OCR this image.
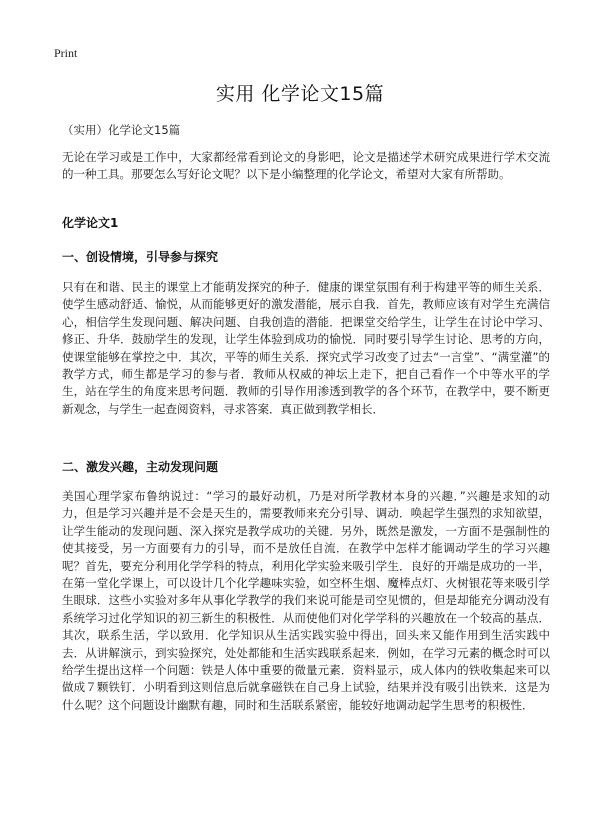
Print
实用 化学论文15篇
（实用）化学论文15篇

无论在学习或是工作中，大家都经常看到论文的身影吧，论文是描述学术研究成果进行学术交流的一种工具。那要怎么写好论文呢？以下是小编整理的化学论文，希望对大家有所帮助。

化学论文1
一、创设情境，引导参与探究

只有在和谐、民主的课堂上才能萌发探究的种子．健康的课堂氛围有利于构建平等的师生关系．使学生感动舒适、愉悦，从而能够更好的激发潜能，展示自我．首先，教师应该有对学生充满信心，相信学生发现问题、解决问题、自我创造的潜能．把课堂交给学生，让学生在讨论中学习、修正、升华．鼓励学生的发现，让学生体验到成功的愉悦．同时要引导学生讨论、思考的方向，使课堂能够在掌控之中．其次，平等的师生关系．探究式学习改变了过去“一言堂”、“满堂灌”的教学方式，师生都是学习的参与者．教师从权威的神坛上走下，把自己看作一个中等水平的学生，站在学生的角度来思考问题．教师的引导作用渗透到教学的各个环节，在教学中，要不断更新观念，与学生一起查阅资料，寻求答案．真正做到教学相长．

二、激发兴趣，主动发现问题

美国心理学家布鲁纳说过：“学习的最好动机，乃是对所学教材本身的兴趣．”兴趣是求知的动力，但是学习兴趣并是不会是天生的，需要教师来充分引导、调动．唤起学生强烈的求知欲望，让学生能动的发现问题、深入探究是教学成功的关键．另外，既然是激发，一方面不是强制性的使其接受，另一方面要有力的引导，而不是放任自流．在教学中怎样才能调动学生的学习兴趣呢？首先，要充分利用化学学科的特点，利用化学实验来吸引学生．良好的开端是成功的一半，在第一堂化学课上，可以设计几个化学趣味实验，如空杯生烟、魔棒点灯、火树银花等来吸引学生眼球．这些小实验对多年从事化学教学的我们来说可能是司空见惯的，但是却能充分调动没有系统学习过化学知识的初三新生的积极性．从而使他们对化学学科的兴趣放在一个较高的基点．其次，联系生活，学以致用．化学知识从生活实践实验中得出，回头来又能作用到生活实践中去．从讲解演示，到实验探究，处处都能和生活实践联系起来．例如，在学习元素的概念时可以给学生提出这样一个问题：铁是人体中重要的微量元素．资料显示，成人体内的铁收集起来可以做成７颗铁钉．小明看到这则信息后就拿磁铁在自己身上试验，结果并没有吸引出铁来．这是为什么呢？这个问题设计幽默有趣，同时和生活联系紧密，能较好地调动起学生思考的积极性．
